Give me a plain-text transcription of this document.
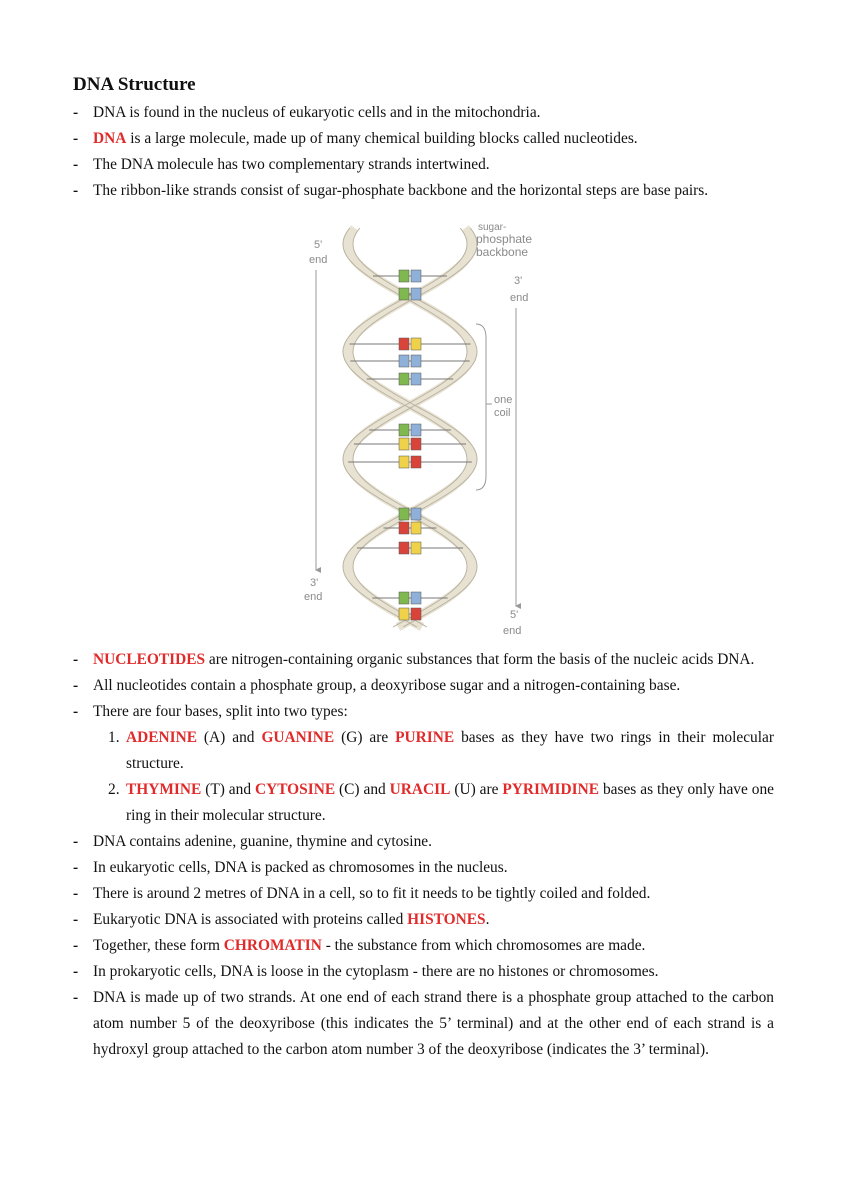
DNA Structure
- DNA is found in the nucleus of eukaryotic cells and in the mitochondria.
- DNA is a large molecule, made up of many chemical building blocks called nucleotides.
- The DNA molecule has two complementary strands intertwined.
- The ribbon-like strands consist of sugar-phosphate backbone and the horizontal steps are base pairs.
5'
end
sugar-
phosphate
backbone
3'
end
one
coil
3'
end
5'
end
- NUCLEOTIDES are nitrogen-containing organic substances that form the basis of the nucleic acids DNA.
- All nucleotides contain a phosphate group, a deoxyribose sugar and a nitrogen-containing base.
- There are four bases, split into two types:
1. ADENINE (A) and GUANINE (G) are PURINE bases as they have two rings in their molecular structure.
2. THYMINE (T) and CYTOSINE (C) and URACIL (U) are PYRIMIDINE bases as they only have one ring in their molecular structure.
- DNA contains adenine, guanine, thymine and cytosine.
- In eukaryotic cells, DNA is packed as chromosomes in the nucleus.
- There is around 2 metres of DNA in a cell, so to fit it needs to be tightly coiled and folded.
- Eukaryotic DNA is associated with proteins called HISTONES.
- Together, these form CHROMATIN - the substance from which chromosomes are made.
- In prokaryotic cells, DNA is loose in the cytoplasm - there are no histones or chromosomes.
- DNA is made up of two strands. At one end of each strand there is a phosphate group attached to the carbon atom number 5 of the deoxyribose (this indicates the 5’ terminal) and at the other end of each strand is a hydroxyl group attached to the carbon atom number 3 of the deoxyribose (indicates the 3’ terminal).
